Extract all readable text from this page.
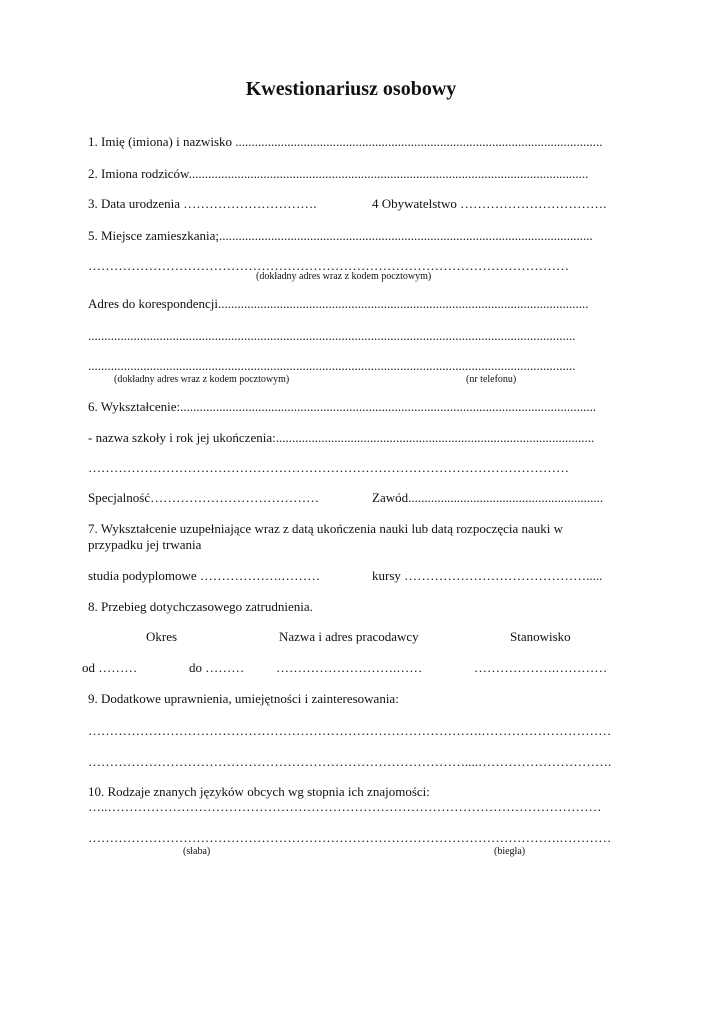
Kwestionariusz osobowy
1. Imię (imiona) i nazwisko .................................................................................................................
2. Imiona rodziców...........................................................................................................................
3. Data urodzenia ………………………….	4 Obywatelstwo …………………………….
5. Miejsce zamieszkania;...................................................................................................................
…………………………………………………………………………………………………
(dokładny adres wraz z kodem pocztowym)
Adres do korespondencji..................................................................................................................
......................................................................................................................................................
......................................................................................................................................................
(dokładny adres wraz z kodem pocztowym)	(nr telefonu)
6. Wykształcenie:................................................................................................................................
- nazwa szkoły i rok jej ukończenia:..................................................................................................
…………………………………………………………………………………………………
Specjalność…………………………………	Zawód............................................................
7. Wykształcenie uzupełniające wraz z datą ukończenia nauki lub datą rozpoczęcia nauki w
przypadku jej trwania
studia podyplomowe ……………….………	kursy …………………………………….....
8. Przebieg dotychczasowego zatrudnienia.
Okres	Nazwa i adres pracodawcy	Stanowisko
od ………	do ……… ……………………….……	……………….…………
9. Dodatkowe uprawnienia, umiejętności i zainteresowania:
……………………………………………………………………………….…………………………
……………………………………………………………………………....………………………….
10. Rodzaje znanych języków obcych wg stopnia ich znajomości:
…..……………………………………………………………………………………………………
……………………………………………………………………………………………….…………
(słaba)	(biegła)
